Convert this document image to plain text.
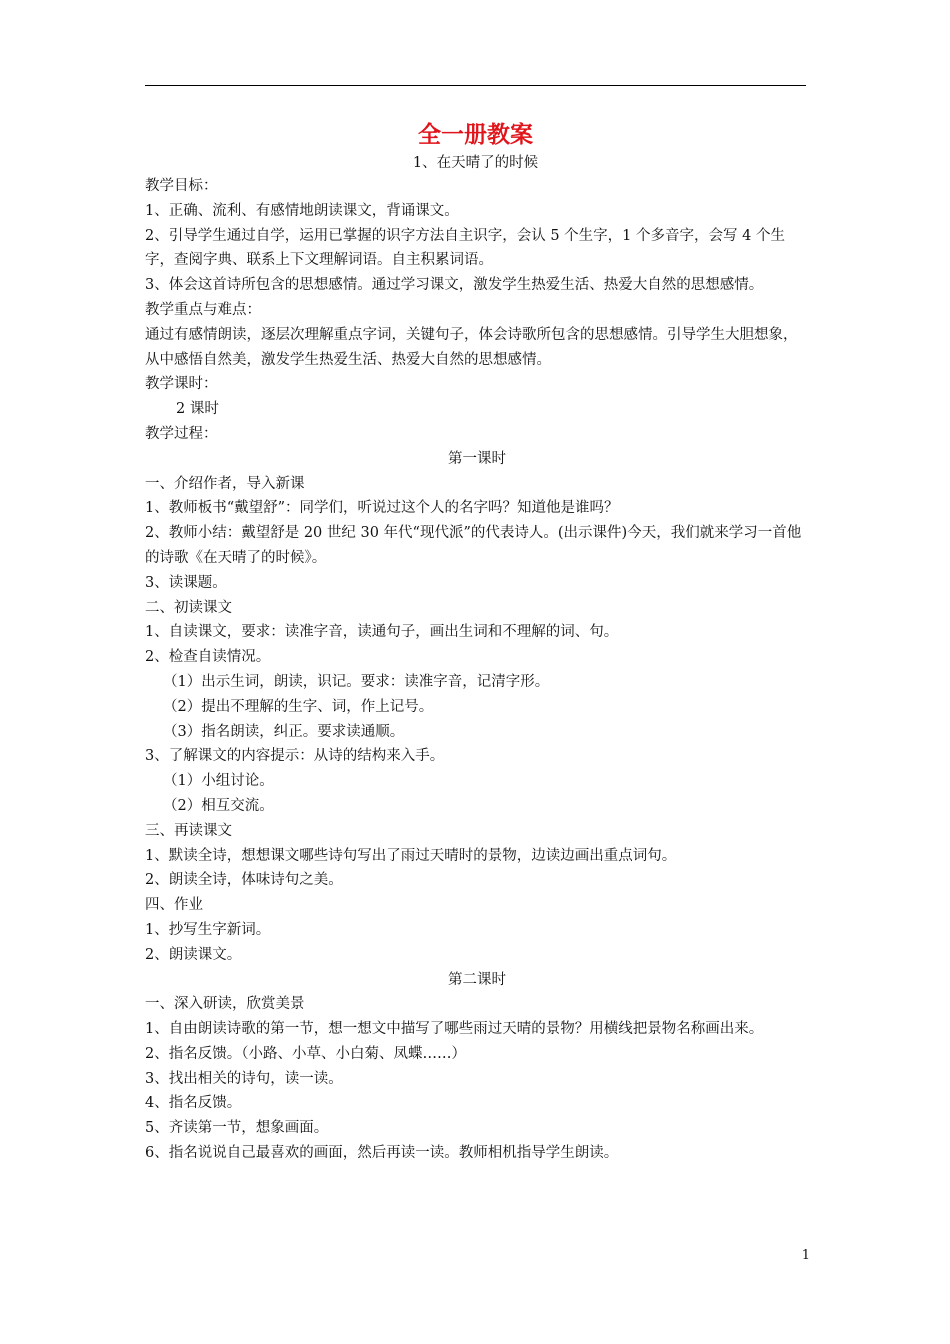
全一册教案
1、在天晴了的时候

教学目标：

1、正确、流利、有感情地朗读课文，背诵课文。

2、引导学生通过自学，运用已掌握的识字方法自主识字，会认 5 个生字，1 个多音字，会写 4 个生字，查阅字典、联系上下文理解词语。自主积累词语。

3、体会这首诗所包含的思想感情。通过学习课文，激发学生热爱生活、热爱大自然的思想感情。

教学重点与难点：

通过有感情朗读，逐层次理解重点字词，关键句子，体会诗歌所包含的思想感情。引导学生大胆想象，从中感悟自然美，激发学生热爱生活、热爱大自然的思想感情。

教学课时：

2 课时

教学过程：

第一课时

一、介绍作者，导入新课

1、教师板书“戴望舒”：同学们，听说过这个人的名字吗？知道他是谁吗？

2、教师小结：戴望舒是 20 世纪 30 年代“现代派”的代表诗人。(出示课件)今天，我们就来学习一首他的诗歌《在天晴了的时候》。

3、读课题。

二、初读课文

1、自读课文，要求：读准字音，读通句子，画出生词和不理解的词、句。

2、检查自读情况。

（1）出示生词，朗读，识记。要求：读准字音，记清字形。

（2）提出不理解的生字、词，作上记号。

（3）指名朗读，纠正。要求读通顺。

3、了解课文的内容提示：从诗的结构来入手。

（1）小组讨论。

（2）相互交流。

三、再读课文

1、默读全诗，想想课文哪些诗句写出了雨过天晴时的景物，边读边画出重点词句。

2、朗读全诗，体味诗句之美。

四、作业

1、抄写生字新词。

2、朗读课文。

第二课时

一、深入研读，欣赏美景

1、自由朗读诗歌的第一节，想一想文中描写了哪些雨过天晴的景物？用横线把景物名称画出来。

2、指名反馈。（小路、小草、小白菊、凤蝶……）

3、找出相关的诗句，读一读。

4、指名反馈。

5、齐读第一节，想象画面。

6、指名说说自己最喜欢的画面，然后再读一读。教师相机指导学生朗读。

1
